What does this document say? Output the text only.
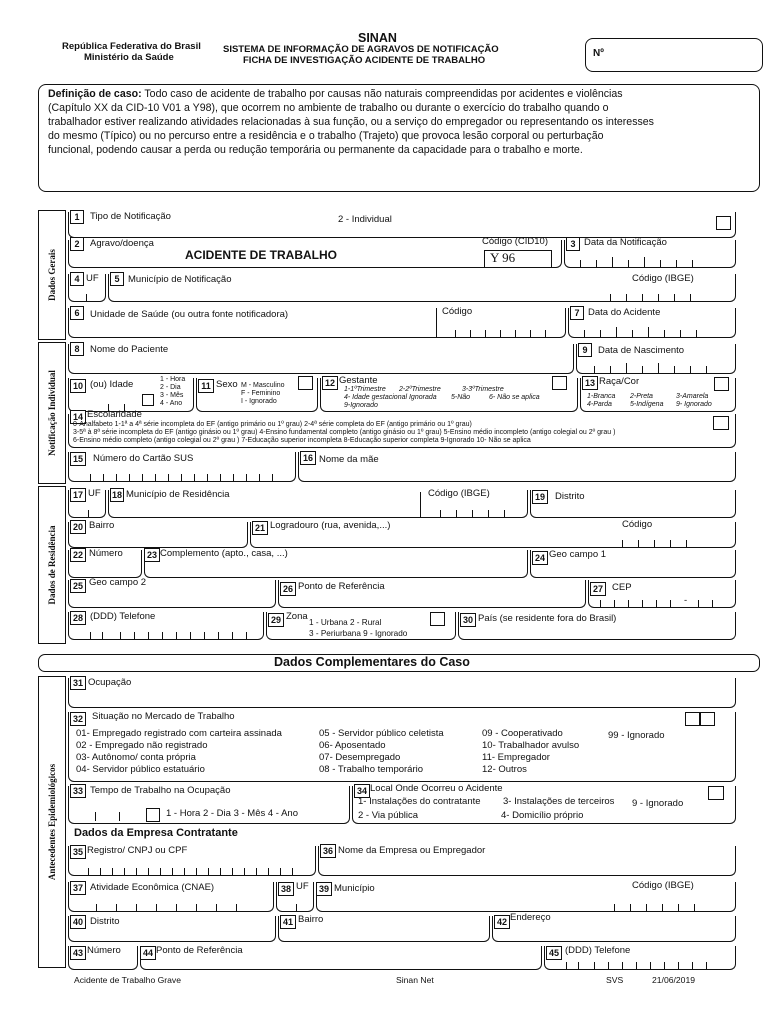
República Federativa do Brasil
Ministério da Saúde
SINAN
SISTEMA DE INFORMAÇÃO DE AGRAVOS DE NOTIFICAÇÃO
FICHA DE INVESTIGAÇÃO ACIDENTE DE TRABALHO
Nº
Definição de caso: Todo caso de acidente de trabalho por causas não naturais compreendidas por acidentes e violências
(Capítulo XX da CID-10 V01 a Y98), que ocorrem no ambiente de trabalho ou durante o exercício do trabalho quando o
trabalhador estiver realizando atividades relacionadas à sua função, ou a serviço do empregador ou representando os interesses
do mesmo (Típico) ou no percurso entre a residência e o trabalho (Trajeto) que provoca lesão corporal ou perturbação
funcional, podendo causar a perda ou redução temporária ou permanente da capacidade para o trabalho e morte.
Dados Gerais
Notificação Individual
Dados de Residência
Antecedentes Epidemiológicos
1	Tipo de Notificação	2 - Individual
2	Agravo/doença
ACIDENTE DE TRABALHO
Código (CID10)
Y 96
3 Data da Notificação
4 UF	5 Município de Notificação	Código (IBGE)
6	Unidade de Saúde (ou outra fonte notificadora)	Código	7 Data do Acidente
8	Nome do Paciente	9	Data de Nascimento
10 (ou) Idade	1 - Hora
2 - Dia
3 - Mês
4 - Ano
11 Sexo M - Masculino
F - Feminino
I - Ignorado
12 Gestante
1-1ºTrimestre 2-2ºTrimestre	3-3ºTrimestre
4- Idade gestacional Ignorada 5-Não	6- Não se aplica
9-Ignorado
13 Raça/Cor
1-Branca 2-Preta	3-Amarela
4-Parda	5-Indígena 9- Ignorado
14 Escolaridade
0-Analfabeto 1-1ª a 4ª série incompleta do EF (antigo primário ou 1º grau) 2-4ª série completa do EF (antigo primário ou 1º grau)
3-5ª à 8ª série incompleta do EF (antigo ginásio ou 1º grau) 4-Ensino fundamental completo (antigo ginásio ou 1º grau) 5-Ensino médio incompleto (antigo colegial ou 2º grau )
6-Ensino médio completo (antigo colegial ou 2º grau ) 7-Educação superior incompleta 8-Educação superior completa 9-Ignorado 10- Não se aplica
15	Número do Cartão SUS	16 Nome da mãe
17 UF 18 Município de Residência	Código (IBGE)	19	Distrito
20 Bairro	21 Logradouro (rua, avenida,...)	Código
22 Número	23 Complemento (apto., casa, ...)	24 Geo campo 1
25 Geo campo 2
26 Ponto de Referência	27 CEP
-
28 (DDD) Telefone	29 Zona
1 - Urbana 2 - Rural
3 - Periurbana 9 - Ignorado
30 País (se residente fora do Brasil)
Dados Complementares do Caso
31 Ocupação
32 Situação no Mercado de Trabalho
01- Empregado registrado com carteira assinada
02 - Empregado não registrado
03- Autônomo/ conta própria
04- Servidor público estatuário
05 - Servidor público celetista
06- Aposentado
07- Desempregado
08 - Trabalho temporário
09 - Cooperativado
10- Trabalhador avulso
11- Empregador
12- Outros
99 - Ignorado
33 Tempo de Trabalho na Ocupação
1 - Hora 2 - Dia 3 - Mês 4 - Ano
34 Local Onde Ocorreu o Acidente
1- Instalações do contratante 3- Instalações de terceiros 9 - Ignorado
2 - Via pública	4- Domicílio próprio
Dados da Empresa Contratante
35 Registro/ CNPJ ou CPF	36 Nome da Empresa ou Empregador
37 Atividade Econômica (CNAE)	38 UF	39 Município	Código (IBGE)
40 Distrito	41 Bairro	42 Endereço
43 Número	44 Ponto de Referência	45 (DDD) Telefone
Acidente de Trabalho Grave	Sinan Net	SVS	21/06/2019
